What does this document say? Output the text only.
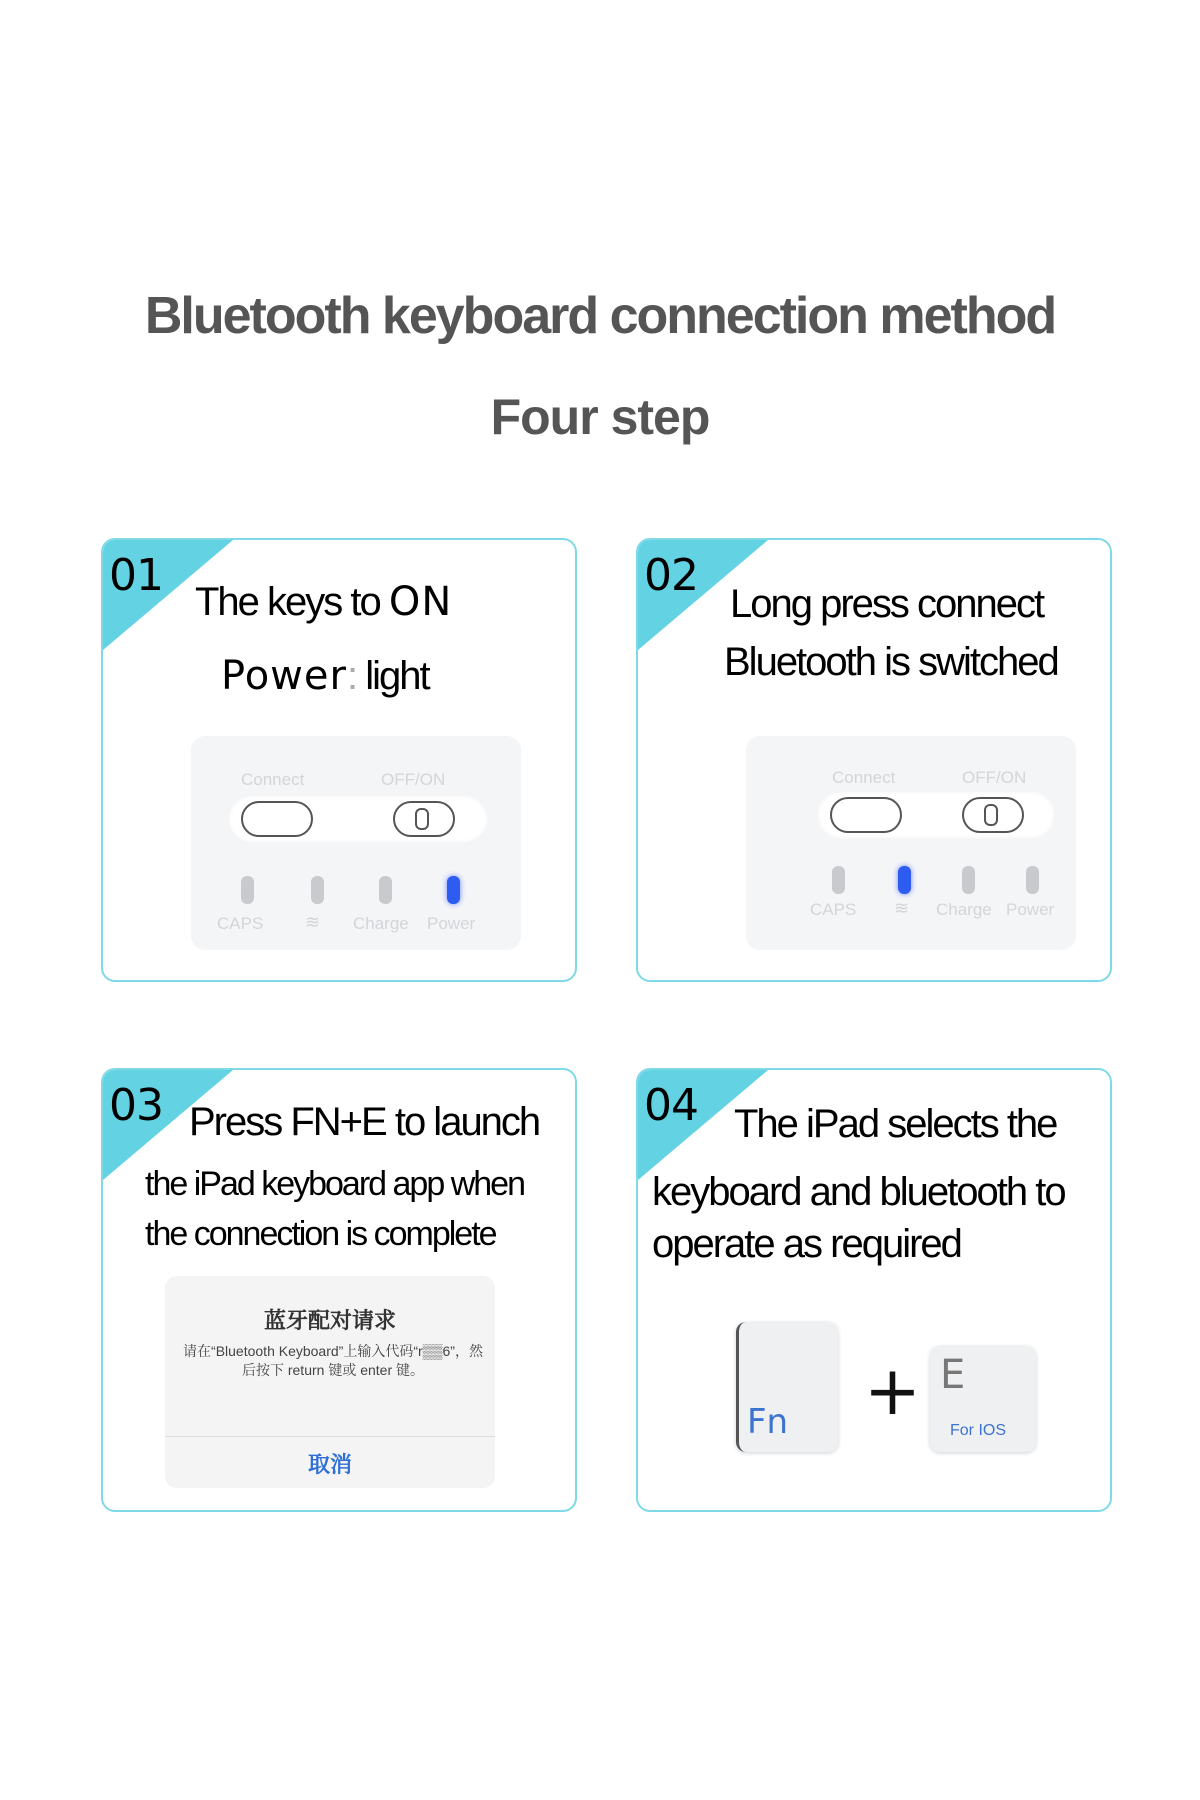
Bluetooth keyboard connection method
Four step
01
The keys to ON
Power: light
Connect	OFF/ON
CAPS ≋ Charge Power
02
Long press connect
Bluetooth is switched
Connect	OFF/ON
CAPS ≋ Charge Power
03 Press FN+E to launch
the iPad keyboard app when
the connection is complete
蓝牙配对请求
请在“Bluetooth Keyboard”上输入代码“r▒▒6”，然后按下 return 键或 enter 键。
取消
04 The iPad selects the
keyboard and bluetooth to
operate as required
Fn + E
For IOS
